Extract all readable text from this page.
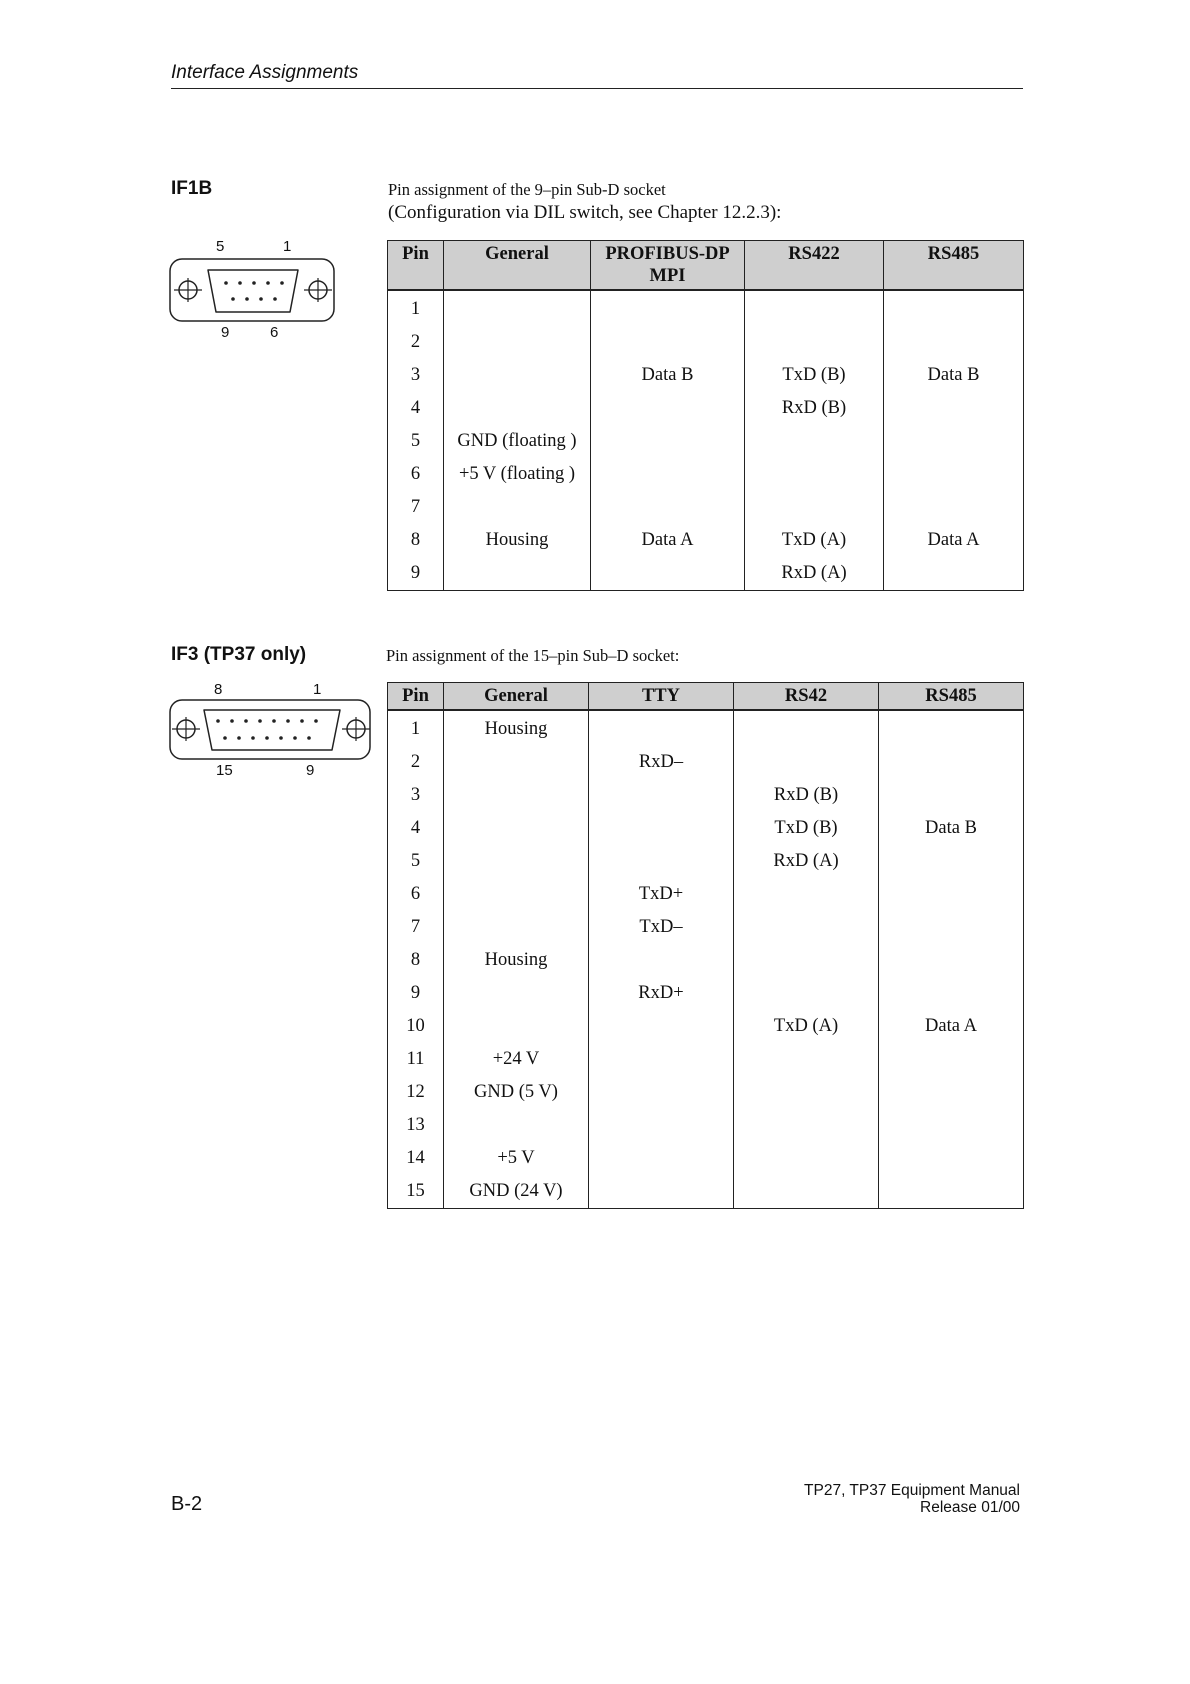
Interface Assignments
IF1B	Pin assignment of the 9–pin Sub-D socket
(Configuration via DIL switch, see Chapter 12.2.3):
5	1
9	6
Pin	General	PROFIBUS-DP MPI	RS422	RS485
1				
2				
3		Data B	TxD (B)	Data B
4			RxD (B)	
5	GND (floating )			
6	+5 V (floating )			
7				
8	Housing	Data A	TxD (A)	Data A
9			RxD (A)	
IF3 (TP37 only)	Pin assignment of the 15–pin Sub–D socket:
8	1
15	9
Pin	General	TTY	RS42	RS485
1	Housing			
2		RxD–		
3			RxD (B)	
4			TxD (B)	Data B
5			RxD (A)	
6		TxD+		
7		TxD–		
8	Housing			
9		RxD+		
10			TxD (A)	Data A
11	+24 V			
12	GND (5 V)			
13				
14	+5 V			
15	GND (24 V)			
B-2
TP27, TP37 Equipment Manual
Release 01/00
